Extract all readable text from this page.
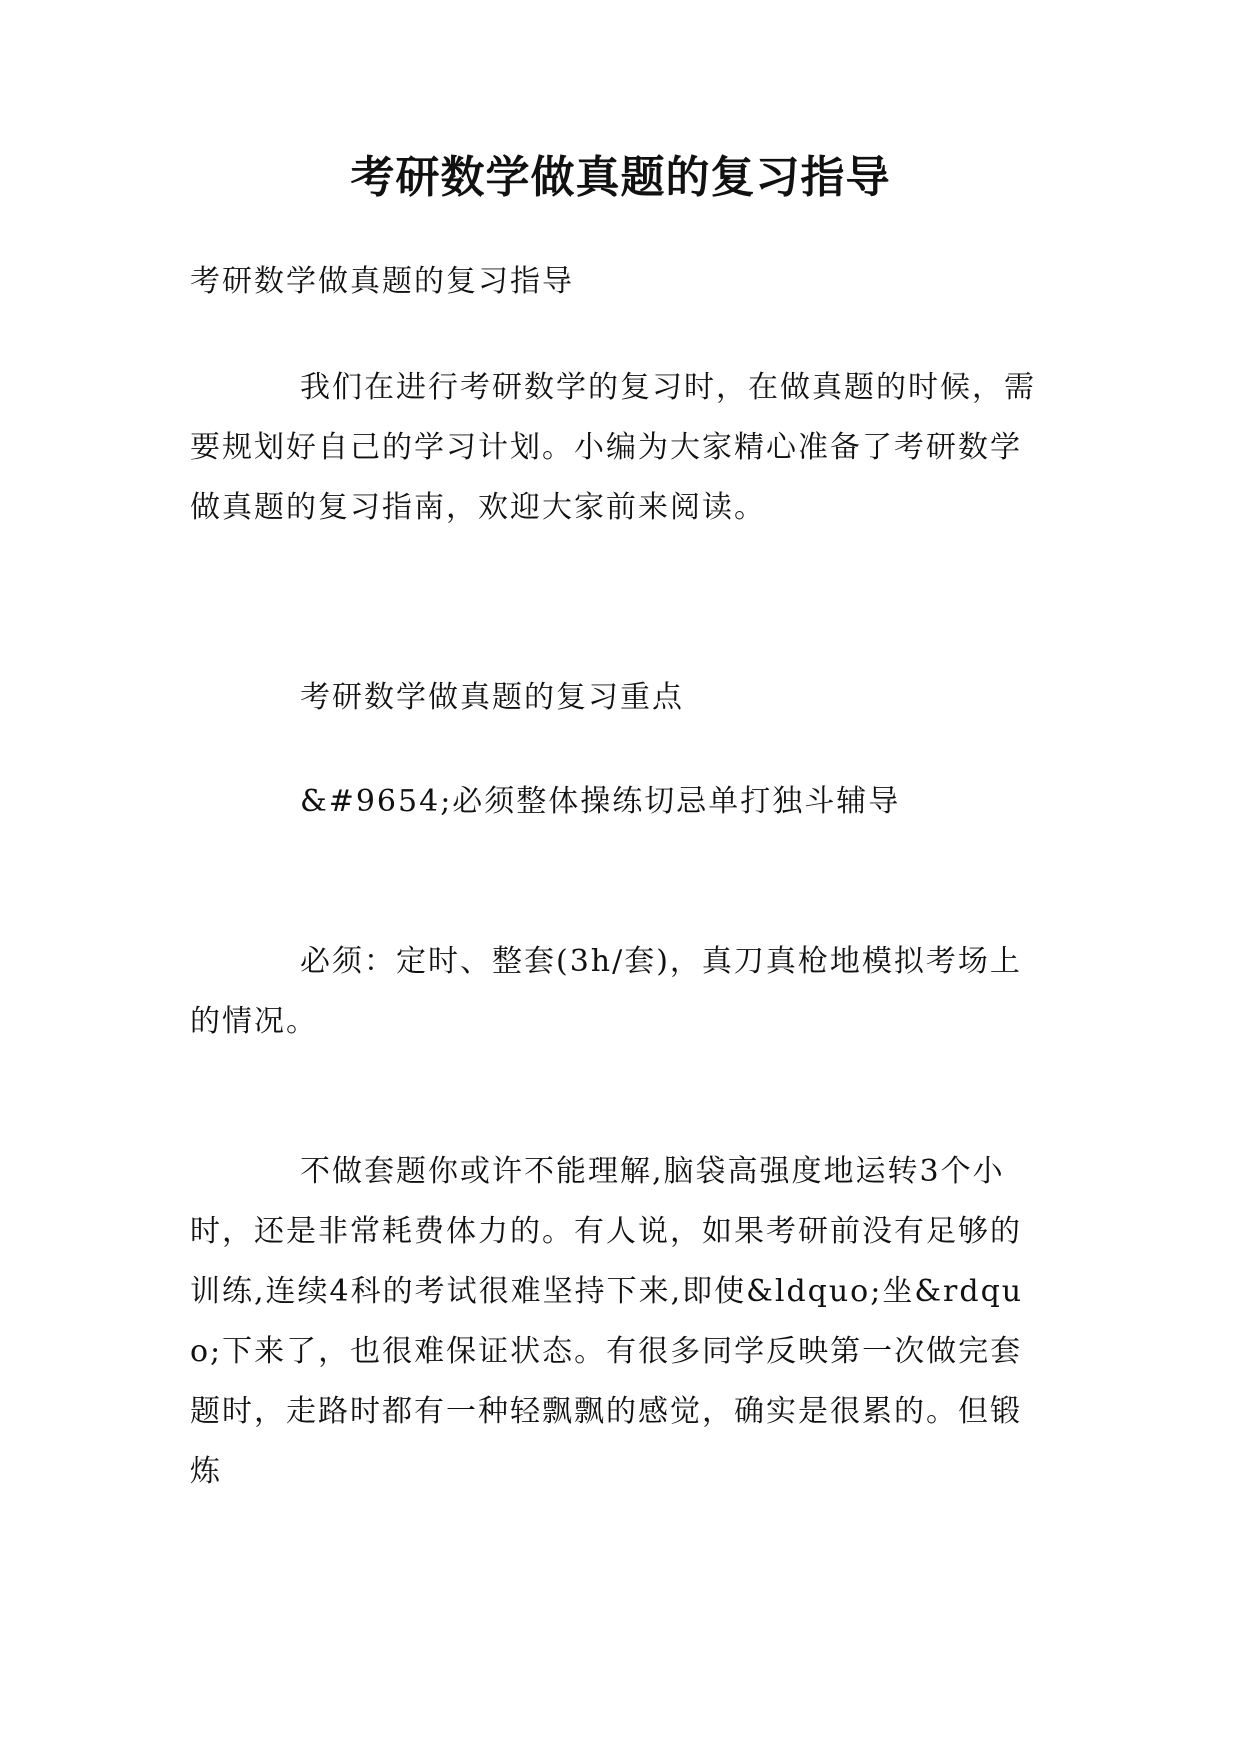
考研数学做真题的复习指导

考研数学做真题的复习指导

我们在进行考研数学的复习时，在做真题的时候，需要规划好自己的学习计划。小编为大家精心准备了考研数学做真题的复习指南，欢迎大家前来阅读。

考研数学做真题的复习重点

&#9654;必须整体操练切忌单打独斗辅导

必须：定时、整套(3h/套)，真刀真枪地模拟考场上的情况。

不做套题你或许不能理解,脑袋高强度地运转3个小时，还是非常耗费体力的。有人说，如果考研前没有足够的训练,连续4科的考试很难坚持下来,即使&ldquo;坐&rdquo;下来了，也很难保证状态。有很多同学反映第一次做完套题时，走路时都有一种轻飘飘的感觉，确实是很累的。但锻炼
